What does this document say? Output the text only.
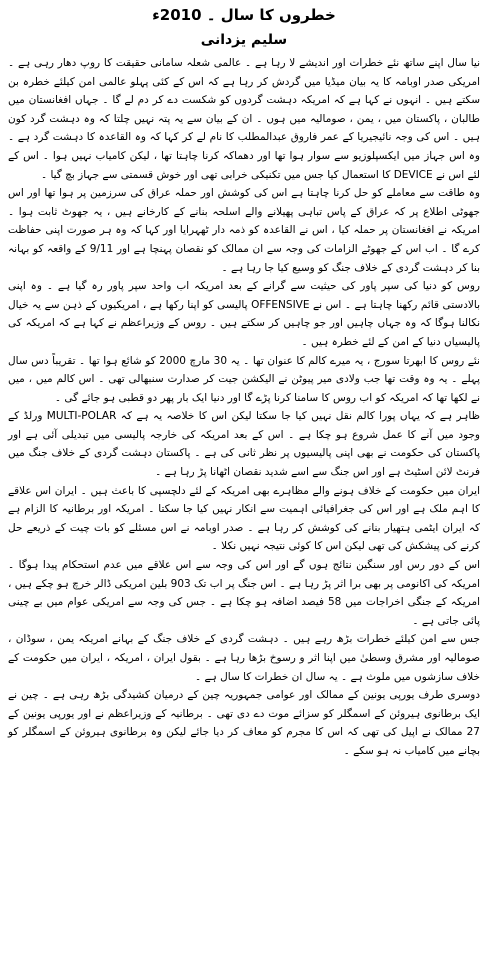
خطروں کا سال ۔ 2010ء
سلیم یزدانی

نیا سال اپنے ساتھ نئے خطرات اور اندیشے لا رہا ہے ۔ عالمی شعلہ سامانی حقیقت کا روپ دھار رہی ہے ۔ امریکی صدر اوبامہ کا یہ بیان میڈیا میں گردش کر رہا ہے کہ اس کے کئی پہلو عالمی امن کیلئے خطرہ بن سکتے ہیں ۔ انہوں نے کہا ہے کہ امریکہ دہشت گردوں کو شکست دے کر دم لے گا ۔ جہاں افغانستان میں طالبان ، پاکستان میں ، یمن ، صومالیہ میں ہوں ۔ ان کے بیان سے یہ پتہ نہیں چلتا کہ وہ دہشت گرد کون ہیں ۔ اس کی وجہ نائیجیریا کے عمر فاروق عبدالمطلب کا نام لے کر کہا کہ وہ القاعدہ کا دہشت گرد ہے ۔ وہ اس جہاز میں ایکسپلوزیو سے سوار ہوا تھا اور دھماکہ کرنا چاہتا تھا ، لیکن کامیاب نہیں ہوا ۔ اس کے لئے اس نے DEVICE کا استعمال کیا جس میں تکنیکی خرابی تھی اور خوش قسمتی سے جہاز بچ گیا ۔

وہ طاقت سے معاملے کو حل کرنا چاہتا ہے اس کی کوشش اور حملہ عراق کی سرزمین پر ہوا تھا اور اس جھوٹی اطلاع پر کہ عراق کے پاس تباہی پھیلانے والے اسلحہ بنانے کے کارخانے ہیں ، یہ جھوٹ ثابت ہوا ۔ امریکہ نے افغانستان پر حملہ کیا ، اس نے القاعدہ کو ذمہ دار ٹھہرایا اور کہا کہ وہ ہر صورت اپنی حفاظت کرے گا ۔ اب اس کے جھوٹے الزامات کی وجہ سے ان ممالک کو نقصان پہنچا ہے اور 9/11 کے واقعہ کو بہانہ بنا کر دہشت گردی کے خلاف جنگ کو وسیع کیا جا رہا ہے ۔

روس کو دنیا کی سپر پاور کی حیثیت سے گرانے کے بعد امریکہ اب واحد سپر پاور رہ گیا ہے ۔ وہ اپنی بالادستی قائم رکھنا چاہتا ہے ۔ اس نے OFFENSIVE پالیسی کو اپنا رکھا ہے ، امریکیوں کے ذہن سے یہ خیال نکالنا ہوگا کہ وہ جہاں چاہیں اور جو چاہیں کر سکتے ہیں ۔ روس کے وزیراعظم نے کہا ہے کہ امریکہ کی پالیسیاں دنیا کے امن کے لئے خطرہ ہیں ۔

نئے روس کا ابھرتا سورج ، یہ میرے کالم کا عنوان تھا ۔ یہ 30 مارچ 2000 کو شائع ہوا تھا ۔ تقریباً دس سال پہلے ۔ یہ وہ وقت تھا جب ولادی میر پیوٹن نے الیکشن جیت کر صدارت سنبھالی تھی ۔ اس کالم میں ، میں نے لکھا تھا کہ امریکہ کو اب روس کا سامنا کرنا پڑے گا اور دنیا ایک بار پھر دو قطبی ہو جائے گی ۔

ظاہر ہے کہ یہاں پورا کالم نقل نہیں کیا جا سکتا لیکن اس کا خلاصہ یہ ہے کہ MULTI-POLAR ورلڈ کے وجود میں آنے کا عمل شروع ہو چکا ہے ۔ اس کے بعد امریکہ کی خارجہ پالیسی میں تبدیلی آئی ہے اور پاکستان کی حکومت نے بھی اپنی پالیسیوں پر نظر ثانی کی ہے ۔ پاکستان دہشت گردی کے خلاف جنگ میں فرنٹ لائن اسٹیٹ ہے اور اس جنگ سے اسے شدید نقصان اٹھانا پڑ رہا ہے ۔

ایران میں حکومت کے خلاف ہونے والے مظاہرے بھی امریکہ کے لئے دلچسپی کا باعث ہیں ۔ ایران اس علاقے کا اہم ملک ہے اور اس کی جغرافیائی اہمیت سے انکار نہیں کیا جا سکتا ۔ امریکہ اور برطانیہ کا الزام ہے کہ ایران ایٹمی ہتھیار بنانے کی کوشش کر رہا ہے ۔ صدر اوبامہ نے اس مسئلے کو بات چیت کے ذریعے حل کرنے کی پیشکش کی تھی لیکن اس کا کوئی نتیجہ نہیں نکلا ۔

اس کے دور رس اور سنگین نتائج ہوں گے اور اس کی وجہ سے اس علاقے میں عدم استحکام پیدا ہوگا ۔ امریکہ کی اکانومی پر بھی برا اثر پڑ رہا ہے ۔ اس جنگ پر اب تک 903 بلین امریکی ڈالر خرچ ہو چکے ہیں ، امریکہ کے جنگی اخراجات میں 58 فیصد اضافہ ہو چکا ہے ۔ جس کی وجہ سے امریکی عوام میں بے چینی پائی جاتی ہے ۔

جس سے امن کیلئے خطرات بڑھ رہے ہیں ۔ دہشت گردی کے خلاف جنگ کے بہانے امریکہ یمن ، سوڈان ، صومالیہ اور مشرق وسطیٰ میں اپنا اثر و رسوخ بڑھا رہا ہے ۔ بقول ایران ، امریکہ ، ایران میں حکومت کے خلاف سازشوں میں ملوث ہے ۔ یہ سال ان خطرات کا سال ہے ۔

دوسری طرف یورپی یونین کے ممالک اور عوامی جمہوریہ چین کے درمیان کشیدگی بڑھ رہی ہے ۔ چین نے ایک برطانوی ہیروئن کے اسمگلر کو سزائے موت دے دی تھی ۔ برطانیہ کے وزیراعظم نے اور یورپی یونین کے 27 ممالک نے اپیل کی تھی کہ اس کا مجرم کو معاف کر دیا جائے لیکن وہ برطانوی ہیروئن کے اسمگلر کو بچانے میں کامیاب نہ ہو سکے ۔
